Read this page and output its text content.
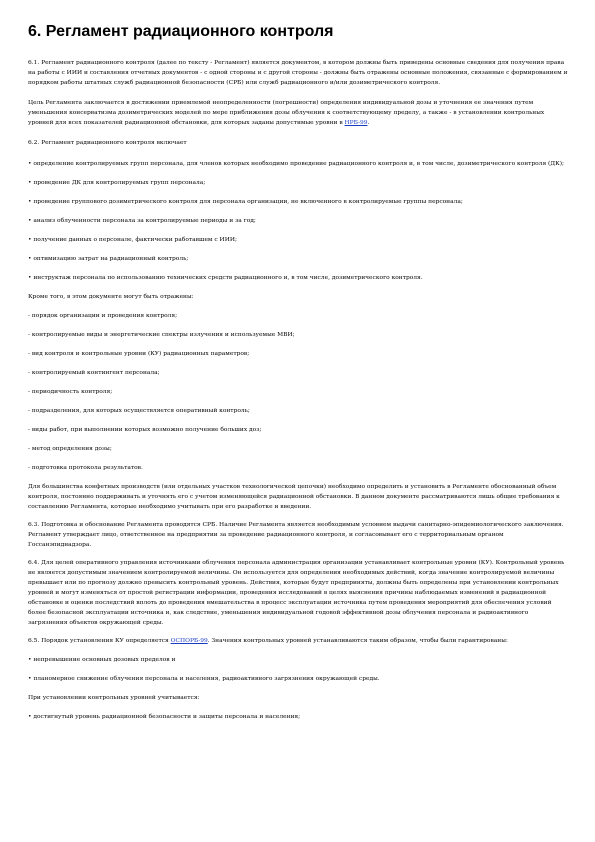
6. Регламент радиационного контроля

6.1. Регламент радиационного контроля (далее по тексту - Регламент) является документом, в котором должны быть приведены основные сведения для получения права на работы с ИИИ и составления отчетных документов - с одной стороны и с другой стороны - должны быть отражены основные положения, связанные с формированием и порядком работы штатных служб радиационной безопасности (СРБ) или служб радиационного и/или дозиметрического контроля.

Цель Регламента заключается в достижении приемлемой неопределенности (погрешности) определения индивидуальной дозы и уточнения ее значения путем уменьшения консерватизма дозиметрических моделей по мере приближения дозы облучения к соответствующему пределу, а также - в установлении контрольных уровней для всех показателей радиационной обстановки, для которых заданы допустимые уровни в НРБ-99.

6.2. Регламент радиационного контроля включает

• определение контролируемых групп персонала, для членов которых необходимо проведение радиационного контроля и, в том числе, дозиметрического контроля (ДК);

• проведение ДК для контролируемых групп персонала;

• проведение группового дозиметрического контроля для персонала организации, не включенного в контролируемые группы персонала;

• анализ облученности персонала за контролируемые периоды и за год;

• получение данных о персонале, фактически работавшем с ИИИ;

• оптимизацию затрат на радиационный контроль;

• инструктаж персонала по использованию технических средств радиационного и, в том числе, дозиметрического контроля.

Кроме того, в этом документе могут быть отражены:

- порядок организации и проведения контроля;

- контролируемые виды и энергетические спектры излучения и используемые МВИ;

- вид контроля и контрольные уровни (КУ) радиационных параметров;

- контролируемый контингент персонала;

- периодичность контроля;

- подразделения, для которых осуществляется оперативный контроль;

- виды работ, при выполнении которых возможно получение больших доз;

- метод определения дозы;

- подготовка протокола результатов.

Для большинства конфетных производств (или отдельных участков технологической цепочки) необходимо определить и установить в Регламенте обоснованный объем контроля, постоянно поддерживать и уточнять его с учетом изменяющейся радиационной обстановки. В данном документе рассматриваются лишь общие требования к составлению Регламента, которые необходимо учитывать при его разработке и введении.

6.3. Подготовка и обоснование Регламента проводятся СРБ. Наличие Регламента является необходимым условием выдачи санитарно-эпидемиологического заключения. Регламент утверждает лицо, ответственное на предприятии за проведение радиационного контроля, и согласовывает его с территориальным органом Госсанэпиднадзора.

6.4. Для целей оперативного управления источниками облучения персонала администрация организации устанавливает контрольные уровни (КУ). Контрольный уровень не является допустимым значением контролируемой величины. Он используется для определения необходимых действий, когда значение контролируемой величины превышает или по прогнозу должно превысить контрольный уровень. Действия, которые будут предприняты, должны быть определены при установлении контрольных уровней и могут изменяться от простой регистрации информации, проведения исследований в целях выяснения причины наблюдаемых изменений в радиационной обстановке и оценки последствий вплоть до проведения вмешательства в процесс эксплуатации источника путем проведения мероприятий для обеспечения условий более безопасной эксплуатации источника и, как следствие, уменьшения индивидуальной годовой эффективной дозы облучения персонала и радиоактивного загрязнения объектов окружающей среды.

6.5. Порядок установления КУ определяется ОСПОРБ-99. Значения контрольных уровней устанавливаются таким образом, чтобы были гарантированы:

• непревышение основных дозовых пределов и

• планомерное снижение облучения персонала и населения, радиоактивного загрязнения окружающей среды.

При установлении контрольных уровней учитывается:

• достигнутый уровень радиационной безопасности и защиты персонала и населения;
